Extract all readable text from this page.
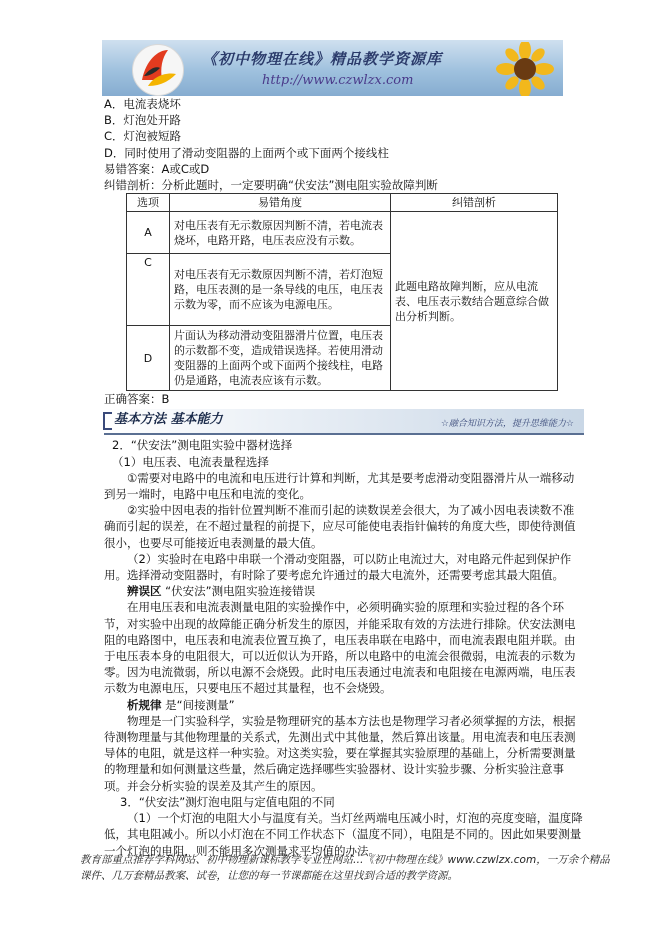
《初中物理在线》精品教学资源库
http://www.czwlzx.com
A．电流表烧坏
B．灯泡处开路
C．灯泡被短路
D．同时使用了滑动变阻器的上面两个或下面两个接线柱
易错答案：A或C或D
纠错剖析：分析此题时，一定要明确“伏安法”测电阻实验故障判断
选项	易错角度	纠错剖析
A	对电压表有无示数原因判断不清，若电流表烧坏，电路开路，电压表应没有示数。	此题电路故障判断，应从电流表、电压表示数结合题意综合做出分析判断。
C	对电压表有无示数原因判断不清，若灯泡短路，电压表测的是一条导线的电压，电压表示数为零，而不应该为电源电压。	
D	片面认为移动滑动变阻器滑片位置，电压表的示数都不变，造成错误选择。若使用滑动变阻器的上面两个或下面两个接线柱，电路仍是通路，电流表应该有示数。	
正确答案：B
基本方法 基本能力	☆融合知识方法，提升思维能力☆
2．“伏安法”测电阻实验中器材选择
（1）电压表、电流表量程选择
①需要对电路中的电流和电压进行计算和判断，尤其是要考虑滑动变阻器滑片从一端移动到另一端时，电路中电压和电流的变化。
②实验中因电表的指针位置判断不准而引起的读数误差会很大，为了减小因电表读数不准确而引起的误差，在不超过量程的前提下，应尽可能使电表指针偏转的角度大些，即使待测值很小，也要尽可能接近电表测量的最大值。
（2）实验时在电路中串联一个滑动变阻器，可以防止电流过大，对电路元件起到保护作用。选择滑动变阻器时，有时除了要考虑允许通过的最大电流外，还需要考虑其最大阻值。
辨误区 “伏安法”测电阻实验连接错误
在用电压表和电流表测量电阻的实验操作中，必须明确实验的原理和实验过程的各个环节，对实验中出现的故障能正确分析发生的原因，并能采取有效的方法进行排除。伏安法测电阻的电路图中，电压表和电流表位置互换了，电压表串联在电路中，而电流表跟电阻并联。由于电压表本身的电阻很大，可以近似认为开路，所以电路中的电流会很微弱，电流表的示数为零。因为电流微弱，所以电源不会烧毁。此时电压表通过电流表和电阻接在电源两端，电压表示数为电源电压，只要电压不超过其量程，也不会烧毁。
析规律 是“间接测量”
物理是一门实验科学，实验是物理研究的基本方法也是物理学习者必须掌握的方法，根据待测物理量与其他物理量的关系式，先测出式中其他量，然后算出该量。用电流表和电压表测导体的电阻，就是这样一种实验。对这类实验，要在掌握其实验原理的基础上，分析需要测量的物理量和如何测量这些量，然后确定选择哪些实验器材、设计实验步骤、分析实验注意事项。并会分析实验的误差及其产生的原因。
3．“伏安法”测灯泡电阻与定值电阻的不同
（1）一个灯泡的电阻大小与温度有关。当灯丝两端电压减小时，灯泡的亮度变暗，温度降低，其电阻减小。所以小灯泡在不同工作状态下（温度不同），电阻是不同的。因此如果要测量一个灯泡的电阻，则不能用多次测量求平均值的办法。
教育部重点推荐学科网站、初中物理新课标教学专业性网站…《初中物理在线》www.czwlzx.com，一万余个精品课件、几万套精品教案、试卷，让您的每一节课都能在这里找到合适的教学资源。
